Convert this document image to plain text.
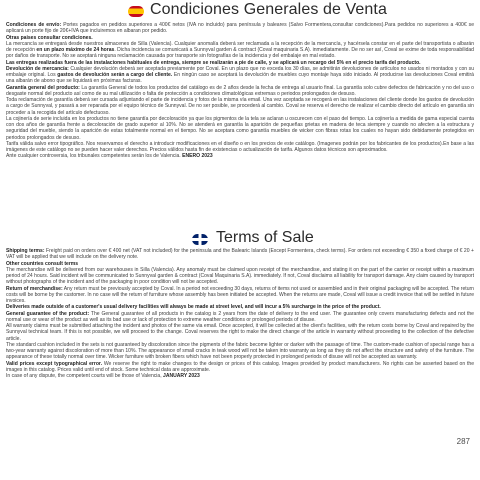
Condiciones Generales de Venta

Condiciones de envío: Portes pagados en pedidos superiores a 400€ netos (IVA no incluido) para península y baleares (Salvo Formentera,consultar condiciones).Para pedidos no superiores a 400€ se aplicará un porte fijo de 20€+IVA que incluiremos en albaran por pedido.

Otras paises consultar condiciones.

La mercancía se entregará desde nuestros almacenes de Silla (Valencia). Cualquier anomalía deberá ser reclamada a la recepción de la mercancía, y hacérsela constar en el parte del transportista o albarán de recepción en un plazo máximo de 24 horas. Dicha incidencia se comunicará a Sunnyval garden & contract (Coval maquinaria S.A). inmediatamente. De no ser así, Coval se exime de toda responsabilidad por daños de transporte. No se aceptará ninguna reclamación causada por transporte sin fotografías de la incidencia y del embalaje en mal estado.

Las entregas realizadas fuera de las instalaciones habituales de entrega, siempre se realizarán a pie de calle, y se aplicará un recargo del 5% en el precio tarifa del producto.

Devolución de mercancía: Cualquier devolución deberá ser aceptada previamente por Coval. En un plazo que no exceda los 30 días, se admitirán devoluciones de artículos no usados ni montados y con su embalaje original. Los gastos de devolución serán a cargo del cliente. En ningún caso se aceptará la devolución de muebles cuyo montaje haya sido iniciado. Al producirse las devoluciones Coval emitirá una albarán de abono que se liquidará en próximas facturas.

Garantía general del producto: La garantía General de todos los productos del catálogo es de 2 años desde la fecha de entrega al usuario final. La garantía solo cubre defectos de fabricación y no del uso o desgaste normal del producto así como de su mal utilización o falta de protección a condiciones climatológicas extremas o periodos prolongados de desuso.

Toda reclamación de garantía deberá ser cursada adjuntando el parte de incidencia y fotos de la misma vía email. Una vez aceptada se recogerá en las instalaciones del cliente donde los gastos de devolución a cargo de Sunnyval, y pasará a ser reparada por el equipo técnico de Sunnyval. De no ser posible, se procederá al cambio. Coval se reserva el derecho de realizar el cambio directo del artículo en garantía sin proceder a la recogida del artículo defectuoso.

La cojinería de serie incluida en los productos no tiene garantía por decoloración ya que los pigmentos de la tela se aclaran u oscurecen con el paso del tiempo. La cojinería a medida de gama especial cuenta con dos años de garantía frente a decoloración de grado superior al 10%. No se atenderá en garantía la aparición de pequeñas grietas en madera de teca siempre y cuando no afecten a la estructura y seguridad del mueble, siendo la aparición de estas totalmente normal en el tiempo. No se aceptara como garantía muebles de wicker con fibras rotas los cuales no hayan sido debidamente protegidos en periodos prolongados de desuso.

Tarifa válida salvo error tipográfico. Nos reservamos el derecho a introducir modificaciones en el diseño o en los precios de este catálogo. (Imagenes podrán por los fabricantes de los productos).En base a las imágenes de este catálogo no se pueden hacer valer derechos. Precios válidos hasta fin de existencias o actualización de tarifa. Algunos datos técnicos son aproximados.

Ante cualquier controversia, los tribunales competentes serán los de Valencia. ENERO 2023

Terms of Sale

Shipping terms: Freight paid on orders over € 400 net (VAT not included) for the peninsula and the Balearic Islands (Except Formentera, check terms). For orders not exceeding € 350 a fixed charge of € 20 + VAT will be applied that we will include on the delivery note.

Other countries consult terms

The merchandise will be delivered from our warehouses in Silla (Valencia). Any anomaly must be claimed upon receipt of the merchandise, and stating it on the part of the carrier or receipt within a maximum period of 24 hours. Said incident will be communicated to Sunnyval garden & contract (Coval Maquinaria S.A). immediately. If not, Coval disclaims all liability for transport damage. Any claim caused by transport without photographs of the incident and of the packaging in poor condition will not be accepted.

Return of merchandise: Any return must be previously accepted by Coval. In a period not exceeding 30 days, returns of items not used or assembled and in their original packaging will be accepted. The return costs will be borne by the customer. In no case will the return of furniture whose assembly has been initiated be accepted. When the returns are made, Coval will issue a credit invoice that will be settled in future invoices.

Deliveries made outside of a customer's usual delivery facilities will always be made at street level, and will incur a 5% surcharge in the price of the product.

General guarantee of the product: The General guarantee of all products in the catalog is 2 years from the date of delivery to the end user. The guarantee only covers manufacturing defects and not the normal use or wear of the product as well as its bad use or lack of protection to extreme weather conditions or prolonged periods of disuse.

All warranty claims must be submitted attaching the incident and photos of the same via email. Once accepted, it will be collected at the client's facilities, with the return costs borne by Coval and repaired by the Sunnyval technical team. If this is not possible, we will proceed to the change. Coval reserves the right to make the direct change of the article in warranty without proceeding to the collection of the defective article.

The standard cushion included in the sets is not guaranteed by discoloration since the pigments of the fabric become lighter or darker with the passage of time. The custom-made cushion of special range has a two-year warranty against discoloration of more than 10%. The appearance of small cracks in teak wood will not be taken into warranty as long as they do not affect the structure and safety of the furniture. The appearance of these totally normal over time. Wicker furniture with broken fibers which have not been properly protected in prolonged periods of disuse will not be accepted as warranty.

Valid prices except typographical error. We reserve the right to make changes to the design or prices of this catalog. Images provided by product manufacturers. No rights can be asserted based on the images in this catalog. Prices valid until end of stock. Some technical data are approximate.

In case of any dispute, the competent courts will be those of Valencia, JANUARY 2023

287
